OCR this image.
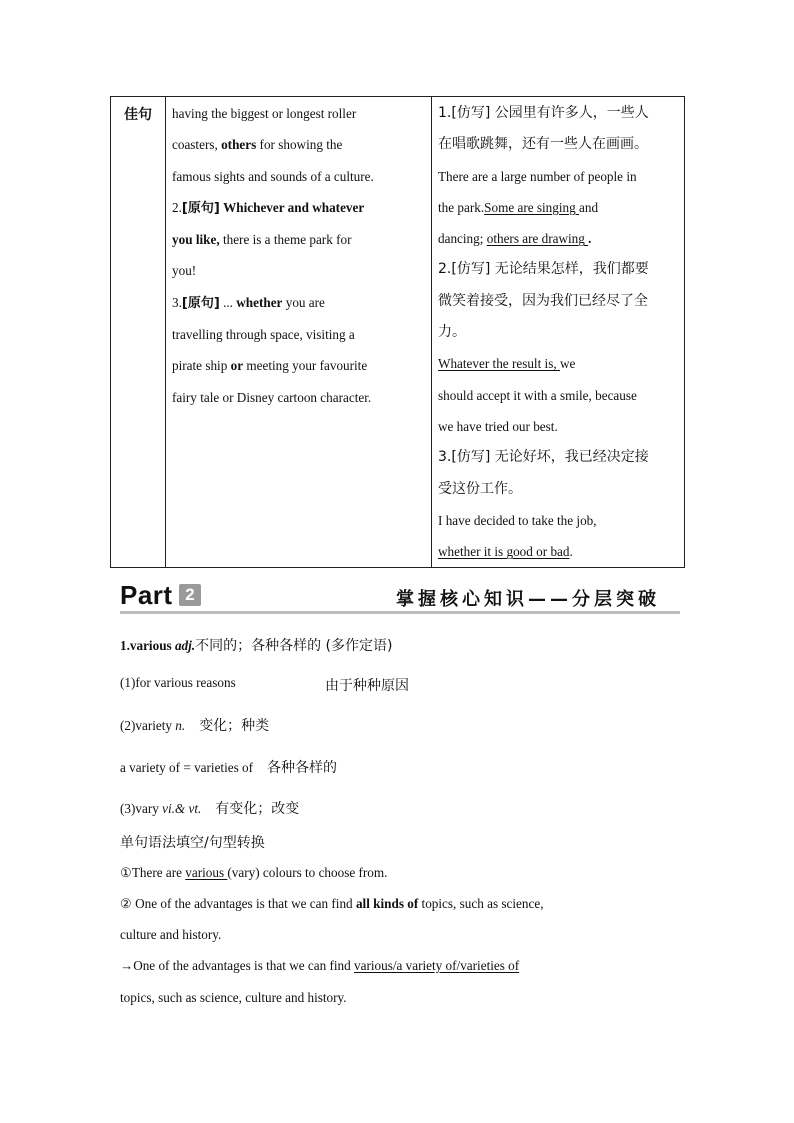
佳句	having the biggest or longest roller
coasters, others for showing the
famous sights and sounds of a culture.
2.[原句] Whichever and whatever
you like, there is a theme park for
you!
3.[原句] ... whether you are
travelling through space, visiting a
pirate ship or meeting your favourite
fairy tale or Disney cartoon character.

1.[仿写] 公园里有许多人，一些人
在唱歌跳舞，还有一些人在画画。
There are a large number of people in
the park.Some are singing and
dancing; others are drawing .
2.[仿写] 无论结果怎样，我们都要
微笑着接受，因为我们已经尽了全
力。
Whatever the result is, we
should accept it with a smile, because
we have tried our best.
3.[仿写] 无论好坏，我已经决定接
受这份工作。
I have decided to take the job,
whether it is good or bad.
Part 2	掌握核心知识——分层突破
1.various adj.不同的；各种各样的 (多作定语)
(1)for various reasons	由于种种原因
(2)variety n. 变化；种类
a variety of = varieties of 各种各样的
(3)vary vi.& vt. 有变化；改变
单句语法填空/句型转换
①There are various (vary) colours to choose from.
② One of the advantages is that we can find all kinds of topics, such as science,
culture and history.
→One of the advantages is that we can find various/a variety of/varieties of
topics, such as science, culture and history.
